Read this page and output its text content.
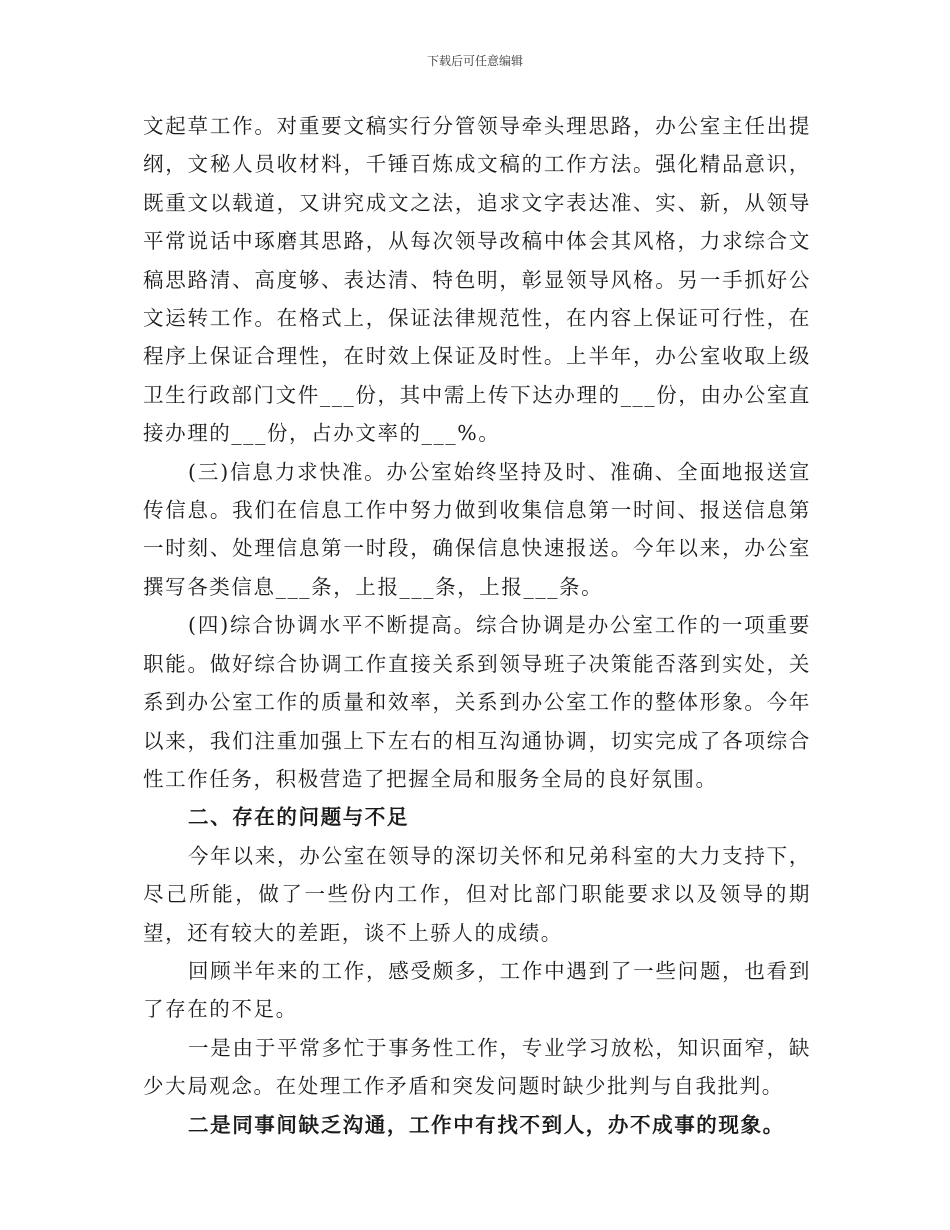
下载后可任意编辑

文起草工作。对重要文稿实行分管领导牵头理思路，办公室主任出提纲，文秘人员收材料，千锤百炼成文稿的工作方法。强化精品意识，既重文以载道，又讲究成文之法，追求文字表达准、实、新，从领导平常说话中琢磨其思路，从每次领导改稿中体会其风格，力求综合文稿思路清、高度够、表达清、特色明，彰显领导风格。另一手抓好公文运转工作。在格式上，保证法律规范性，在内容上保证可行性，在程序上保证合理性，在时效上保证及时性。上半年，办公室收取上级卫生行政部门文件___份，其中需上传下达办理的___份，由办公室直接办理的___份，占办文率的___%。

(三)信息力求快准。办公室始终坚持及时、准确、全面地报送宣传信息。我们在信息工作中努力做到收集信息第一时间、报送信息第一时刻、处理信息第一时段，确保信息快速报送。今年以来，办公室撰写各类信息___条，上报___条，上报___条。

(四)综合协调水平不断提高。综合协调是办公室工作的一项重要职能。做好综合协调工作直接关系到领导班子决策能否落到实处，关系到办公室工作的质量和效率，关系到办公室工作的整体形象。今年以来，我们注重加强上下左右的相互沟通协调，切实完成了各项综合性工作任务，积极营造了把握全局和服务全局的良好氛围。

二、存在的问题与不足

今年以来，办公室在领导的深切关怀和兄弟科室的大力支持下，尽己所能，做了一些份内工作，但对比部门职能要求以及领导的期望，还有较大的差距，谈不上骄人的成绩。

回顾半年来的工作，感受颇多，工作中遇到了一些问题，也看到了存在的不足。

一是由于平常多忙于事务性工作，专业学习放松，知识面窄，缺少大局观念。在处理工作矛盾和突发问题时缺少批判与自我批判。

二是同事间缺乏沟通，工作中有找不到人，办不成事的现象。
